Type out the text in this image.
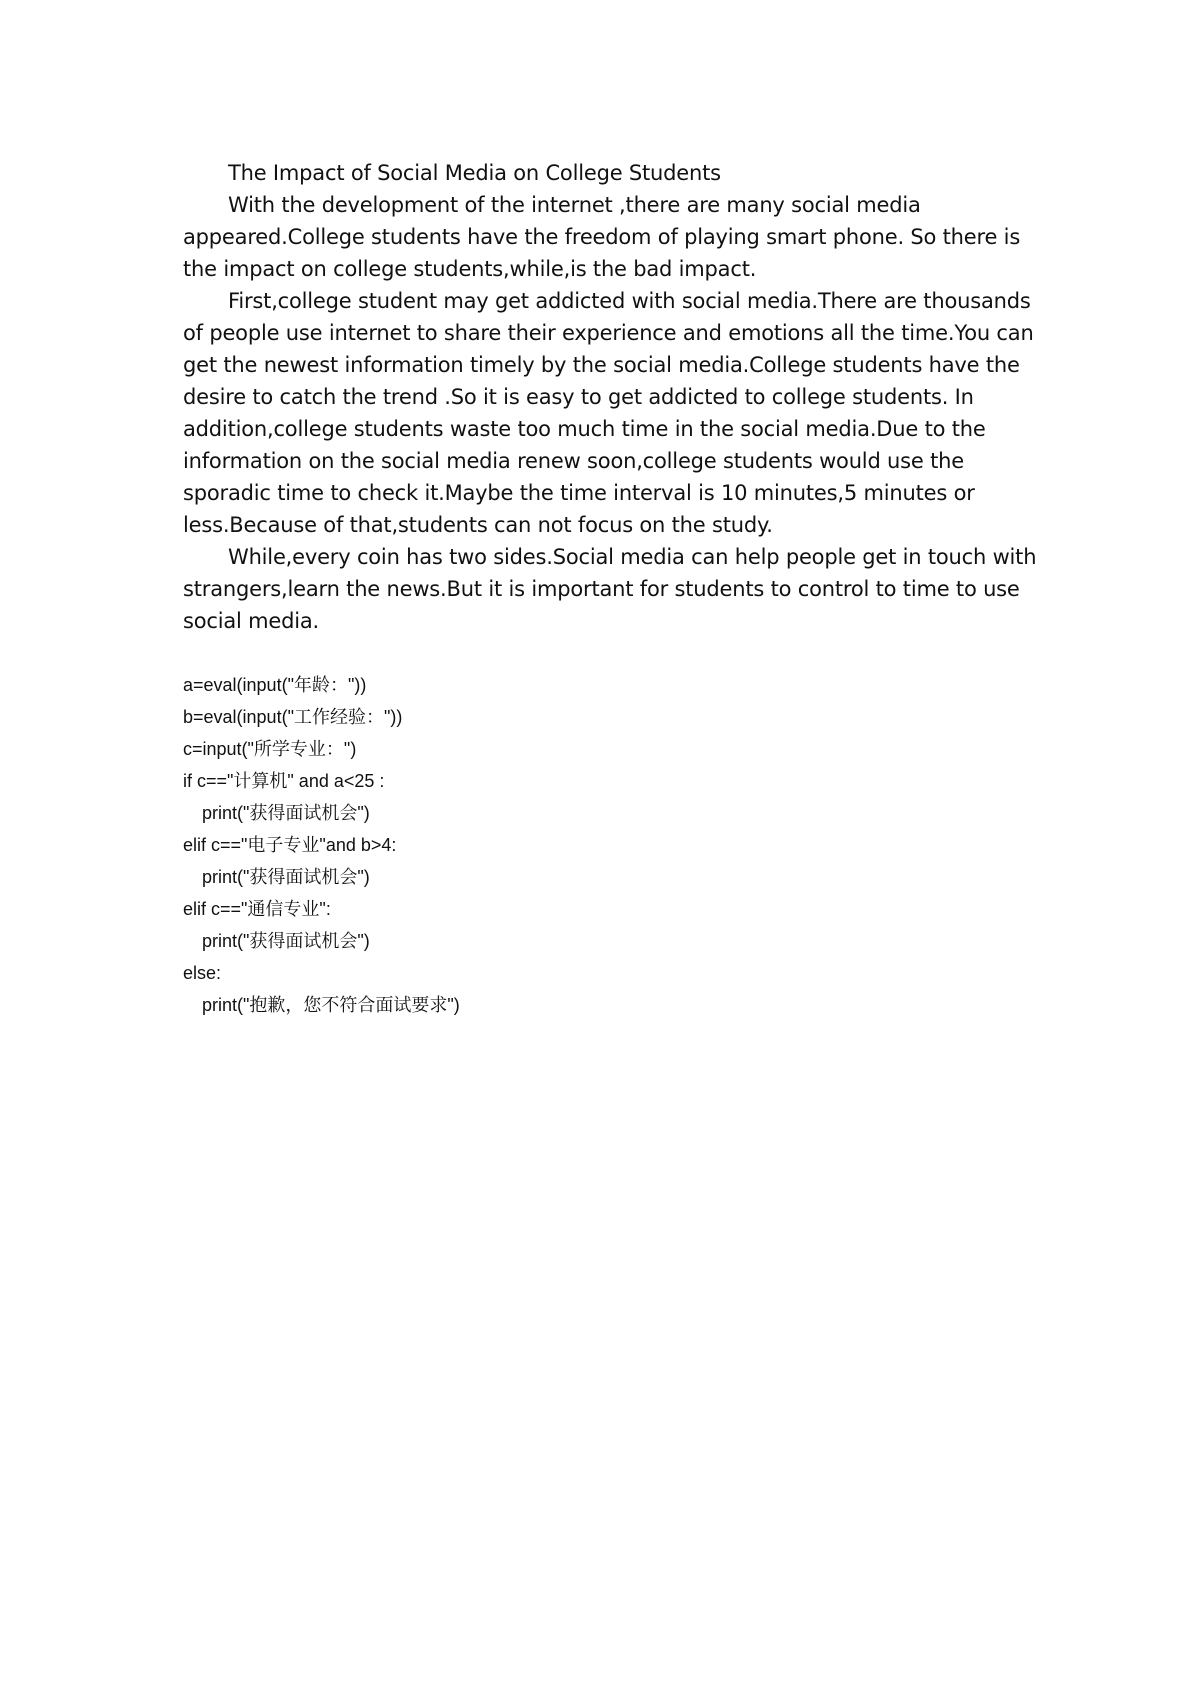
The Impact of Social Media on College Students

With the development of the internet ,there are many social media appeared.College students have the freedom of playing smart phone. So there is the impact on college students,while,is the bad impact.

First,college student may get addicted with social media.There are thousands of people use internet to share their experience and emotions all the time.You can get the newest information timely by the social media.College students have the desire to catch the trend .So it is easy to get addicted to college students. In addition,college students waste too much time in the social media.Due to the information on the social media renew soon,college students would use the sporadic time to check it.Maybe the time interval is 10 minutes,5 minutes or less.Because of that,students can not focus on the study.

While,every coin has two sides.Social media can help people get in touch with strangers,learn the news.But it is important for students to control to time to use social media.

a=eval(input("年龄："))
b=eval(input("工作经验："))
c=input("所学专业：")
if c=="计算机" and a<25 :
print("获得面试机会")
elif c=="电子专业"and b>4:
print("获得面试机会")
elif c=="通信专业":
print("获得面试机会")
else:
print("抱歉，您不符合面试要求")
